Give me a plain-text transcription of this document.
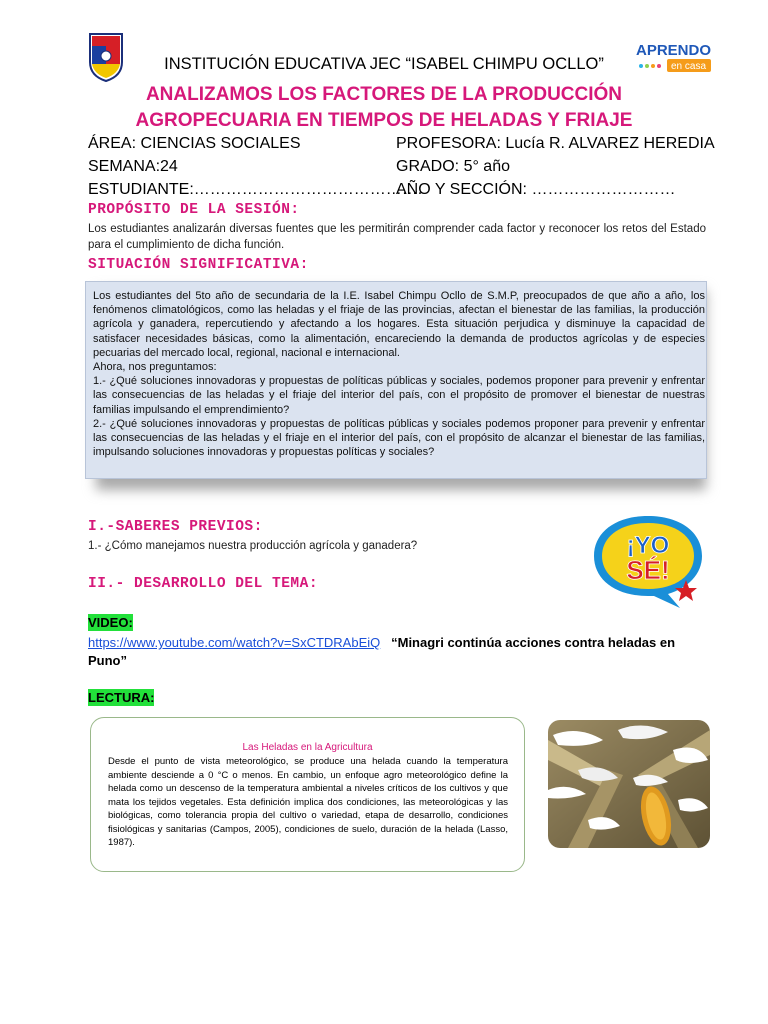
APRENDO
en casa
INSTITUCIÓN EDUCATIVA JEC “ISABEL CHIMPU OCLLO”
ANALIZAMOS LOS FACTORES DE LA PRODUCCIÓN
AGROPECUARIA EN TIEMPOS DE HELADAS Y FRIAJE
ÁREA: CIENCIAS SOCIALES	PROFESORA: Lucía R. ALVAREZ HEREDIA
SEMANA:24	GRADO: 5° año
ESTUDIANTE:…………………………………….
AÑO Y SECCIÓN: ………………………
PROPÓSITO DE LA SESIÓN:
Los estudiantes analizarán diversas fuentes que les permitirán comprender cada factor y reconocer los retos del Estado para el cumplimiento de dicha función.
SITUACIÓN SIGNIFICATIVA:

Los estudiantes del 5to año de secundaria de la I.E. Isabel Chimpu Ocllo de S.M.P, preocupados de que año a año, los fenómenos climatológicos, como las heladas y el friaje de las provincias, afectan el bienestar de las familias, la producción agrícola y ganadera, repercutiendo y afectando a los hogares. Esta situación perjudica y disminuye la capacidad de satisfacer necesidades básicas, como la alimentación, encareciendo la demanda de productos agrícolas y de especies pecuarias del mercado local, regional, nacional e internacional.

Ahora, nos preguntamos:

1.- ¿Qué soluciones innovadoras y propuestas de políticas públicas y sociales, podemos proponer para prevenir y enfrentar las consecuencias de las heladas y el friaje del interior del país, con el propósito de promover el bienestar de nuestras familias impulsando el emprendimiento?

2.- ¿Qué soluciones innovadoras y propuestas de políticas públicas y sociales podemos proponer para prevenir y enfrentar las consecuencias de las heladas y el friaje en el interior del país, con el propósito de alcanzar el bienestar de las familias, impulsando soluciones innovadoras y propuestas políticas y sociales?

I.-SABERES PREVIOS:
1.- ¿Cómo manejamos nuestra producción agrícola y ganadera?
II.- DESARROLLO DEL TEMA:
¡YO
SÉ!
VIDEO:
https://www.youtube.com/watch?v=SxCTDRAbEiQ “Minagri continúa acciones contra heladas en Puno”
LECTURA:
Las Heladas en la Agricultura
Desde el punto de vista meteorológico, se produce una helada cuando la temperatura ambiente desciende a 0 °C o menos. En cambio, un enfoque agro meteorológico define la helada como un descenso de la temperatura ambiental a niveles críticos de los cultivos y que mata los tejidos vegetales. Esta definición implica dos condiciones, las meteorológicas y las biológicas, como tolerancia propia del cultivo o variedad, etapa de desarrollo, condiciones fisiológicas y sanitarias (Campos, 2005), condiciones de suelo, duración de la helada (Lasso, 1987).
